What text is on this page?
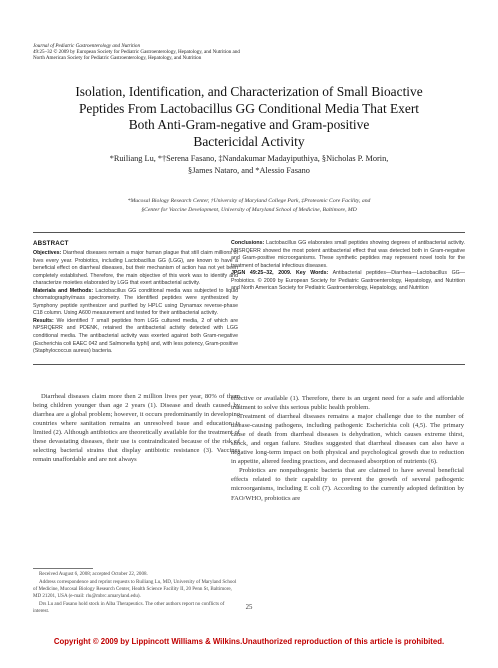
Journal of Pediatric Gastroenterology and Nutrition
49:25–32 © 2009 by European Society for Pediatric Gastroenterology, Hepatology, and Nutrition and
North American Society for Pediatric Gastroenterology, Hepatology, and Nutrition
Isolation, Identification, and Characterization of Small Bioactive
Peptides From Lactobacillus GG Conditional Media That Exert
Both Anti-Gram-negative and Gram-positive
Bactericidal Activity
*Ruiliang Lu, *†Serena Fasano, ‡Nandakumar Madayiputhiya, §Nicholas P. Morin,
§James Nataro, and *Alessio Fasano
*Mucosal Biology Research Center, †University of Maryland College Park, ‡Proteomic Core Facility, and
§Center for Vaccine Development, University of Maryland School of Medicine, Baltimore, MD
ABSTRACT

Objectives: Diarrheal diseases remain a major human plague that still claim millions of lives every year. Probiotics, including Lactobacillus GG (LGG), are known to have a beneficial effect on diarrheal diseases, but their mechanism of action has not yet been completely established. Therefore, the main objective of this work was to identify and characterize moieties elaborated by LGG that exert antibacterial activity.

Materials and Methods: Lactobacillus GG conditional media was subjected to liquid chromatography/mass spectrometry. The identified peptides were synthesized by Symphony peptide synthesizer and purified by HPLC using Dynamax reverse-phase C18 column. Using A600 measurement and tested for their antibacterial activity.

Results: We identified 7 small peptides from LGG cultured media, 2 of which are NPSRQERR and PDENK, retained the antibacterial activity detected with LGG conditional media. The antibacterial activity was exerted against both Gram-negative (Escherichia coli EAEC 042 and Salmonella typhi) and, with less potency, Gram-positive (Staphylococcus aureus) bacteria.

Conclusions: Lactobacillus GG elaborates small peptides showing degrees of antibacterial activity. NPSRQERR showed the most potent antibacterial effect that was detected both in Gram-negative and Gram-positive microorganisms. These synthetic peptides may represent novel tools for the treatment of bacterial infectious diseases.

JPGN 49:25–32, 2009. Key Words: Antibacterial peptides—Diarrhea—Lactobacillus GG—Probiotics. © 2009 by European Society for Pediatric Gastroenterology, Hepatology, and Nutrition and North American Society for Pediatric Gastroenterology, Hepatology, and Nutrition

Diarrheal diseases claim more then 2 million lives per year, 80% of them being children younger than age 2 years (1). Disease and death caused by diarrhea are a global problem; however, it occurs predominantly in developing countries where sanitation remains an unresolved issue and education is limited (2). Although antibiotics are theoretically available for the treatment of these devastating diseases, their use is contraindicated because of the risk of selecting bacterial strains that display antibiotic resistance (3). Vaccines remain unaffordable and are not always

effective or available (1). Therefore, there is an urgent need for a safe and affordable treatment to solve this serious public health problem.

Treatment of diarrheal diseases remains a major challenge due to the number of disease-causing pathogens, including pathogenic Escherichia coli (4,5). The primary cause of death from diarrheal diseases is dehydration, which causes extreme thirst, shock, and organ failure. Studies suggested that diarrheal diseases can also have a negative long-term impact on both physical and psychological growth due to reduction in appetite, altered feeding practices, and decreased absorption of nutrients (6).

Probiotics are nonpathogenic bacteria that are claimed to have several beneficial effects related to their capability to prevent the growth of several pathogenic microorganisms, including E coli (7). According to the currently adopted definition by FAO/WHO, probiotics are

Received August 6, 2008; accepted October 22, 2008.

Address correspondence and reprint requests to Ruiliang Lu, MD, University of Maryland School of Medicine, Mucosal Biology Research Center, Health Science Facility II, 20 Penn St, Baltimore, MD 21201, USA (e-mail: rlu@mbrc.umaryland.edu).

Drs Lu and Fasano hold stock in Alba Therapeutics. The other authors report no conflicts of interest.

25
Copyright © 2009 by Lippincott Williams & Wilkins.Unauthorized reproduction of this article is prohibited.
